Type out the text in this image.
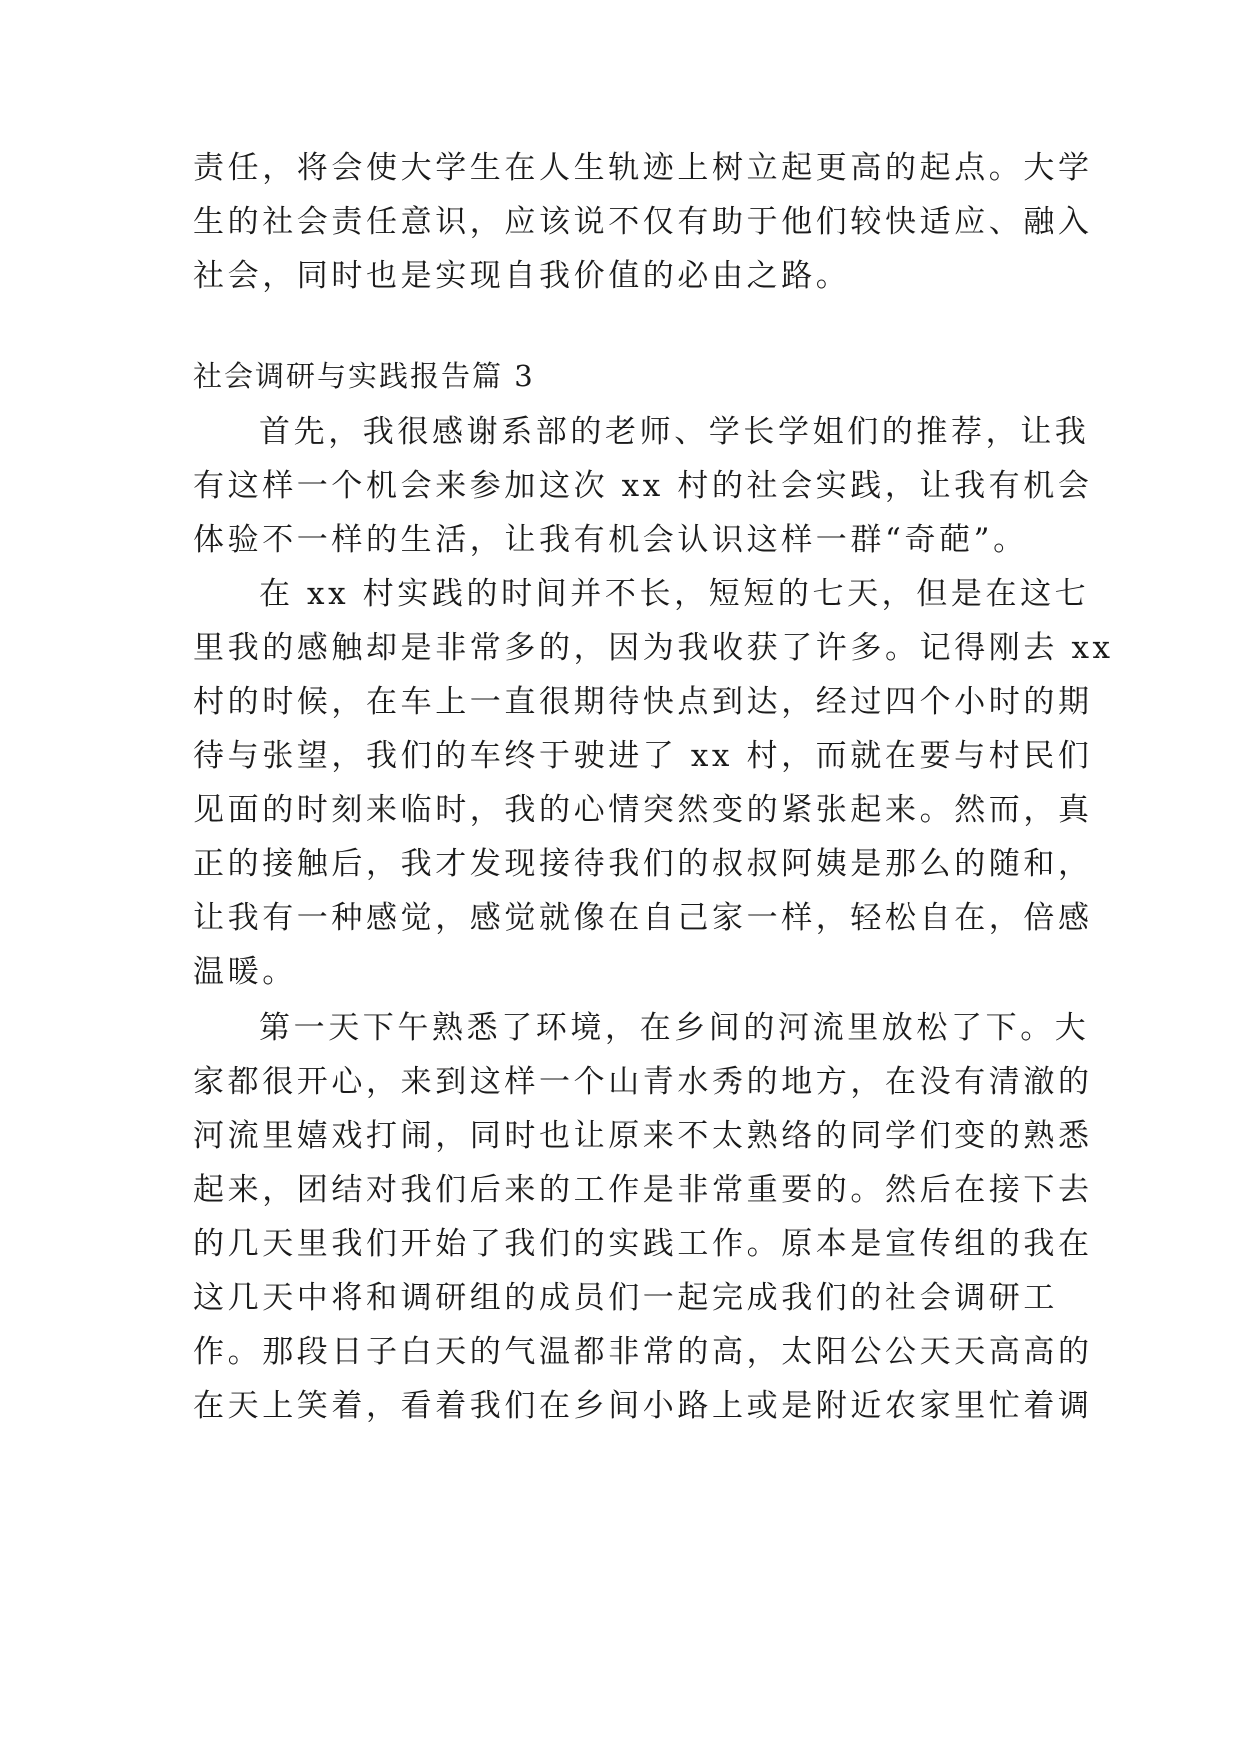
责任，将会使大学生在人生轨迹上树立起更高的起点。大学
生的社会责任意识，应该说不仅有助于他们较快适应、融入
社会，同时也是实现自我价值的必由之路。
社会调研与实践报告篇 3
首先，我很感谢系部的老师、学长学姐们的推荐，让我
有这样一个机会来参加这次 xx 村的社会实践，让我有机会
体验不一样的生活，让我有机会认识这样一群“奇葩”。
在 xx 村实践的时间并不长，短短的七天，但是在这七
里我的感触却是非常多的，因为我收获了许多。记得刚去 xx
村的时候，在车上一直很期待快点到达，经过四个小时的期
待与张望，我们的车终于驶进了 xx 村，而就在要与村民们
见面的时刻来临时，我的心情突然变的紧张起来。然而，真
正的接触后，我才发现接待我们的叔叔阿姨是那么的随和，
让我有一种感觉，感觉就像在自己家一样，轻松自在，倍感
温暖。
第一天下午熟悉了环境，在乡间的河流里放松了下。大
家都很开心，来到这样一个山青水秀的地方，在没有清澈的
河流里嬉戏打闹，同时也让原来不太熟络的同学们变的熟悉
起来，团结对我们后来的工作是非常重要的。然后在接下去
的几天里我们开始了我们的实践工作。原本是宣传组的我在
这几天中将和调研组的成员们一起完成我们的社会调研工
作。那段日子白天的气温都非常的高，太阳公公天天高高的
在天上笑着，看着我们在乡间小路上或是附近农家里忙着调
